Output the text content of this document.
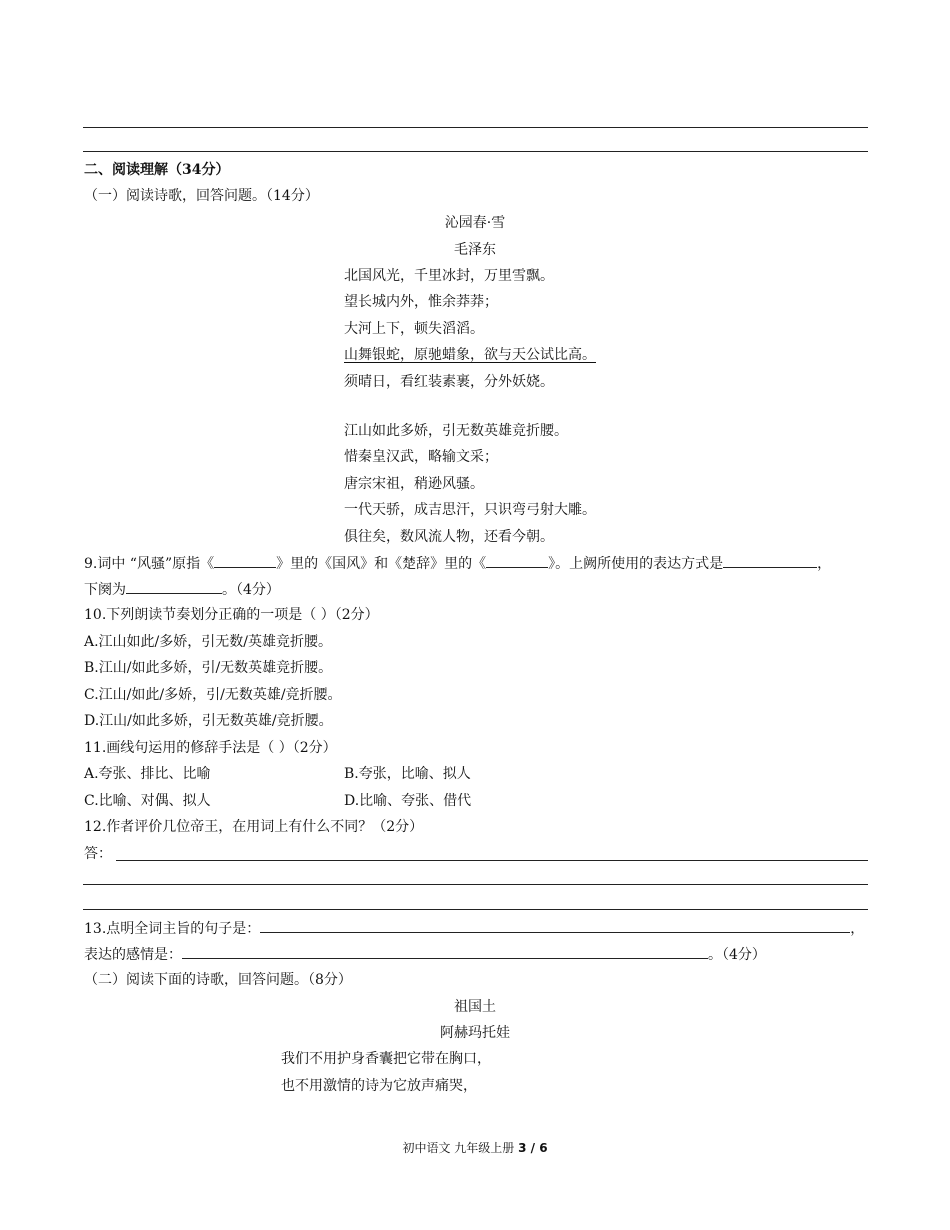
二、阅读理解（34分）
（一）阅读诗歌，回答问题。（14分）
沁园春·雪
毛泽东
北国风光，千里冰封，万里雪飘。
望长城内外，惟余莽莽；
大河上下，顿失滔滔。
山舞银蛇，原驰蜡象，欲与天公试比高。
须晴日，看红装素裹，分外妖娆。
江山如此多娇，引无数英雄竞折腰。
惜秦皇汉武，略输文采；
唐宗宋祖，稍逊风骚。
一代天骄，成吉思汗，只识弯弓射大雕。
俱往矣，数风流人物，还看今朝。
9.词中 “风骚”原指《	》里的《国风》和《楚辞》里的《	》。上阙所使用的表达方式是	，
下阕为	。（4分）
10.下列朗读节奏划分正确的一项是（ ）（2分）
A.江山如此/多娇，引无数/英雄竞折腰。
B.江山/如此多娇，引/无数英雄竞折腰。
C.江山/如此/多娇，引/无数英雄/竞折腰。
D.江山/如此多娇，引无数英雄/竞折腰。
11.画线句运用的修辞手法是（ ）（2分）
A.夸张、排比、比喻	B.夸张，比喻、拟人
C.比喻、对偶、拟人	D.比喻、夸张、借代
12.作者评价几位帝王，在用词上有什么不同？（2分）
答：
13.点明全词主旨的句子是：	，
表达的感情是：	。（4分）
（二）阅读下面的诗歌，回答问题。（8分）
祖国土
阿赫玛托娃
我们不用护身香囊把它带在胸口，
也不用激情的诗为它放声痛哭，
初中语文 九年级上册 3 / 6
